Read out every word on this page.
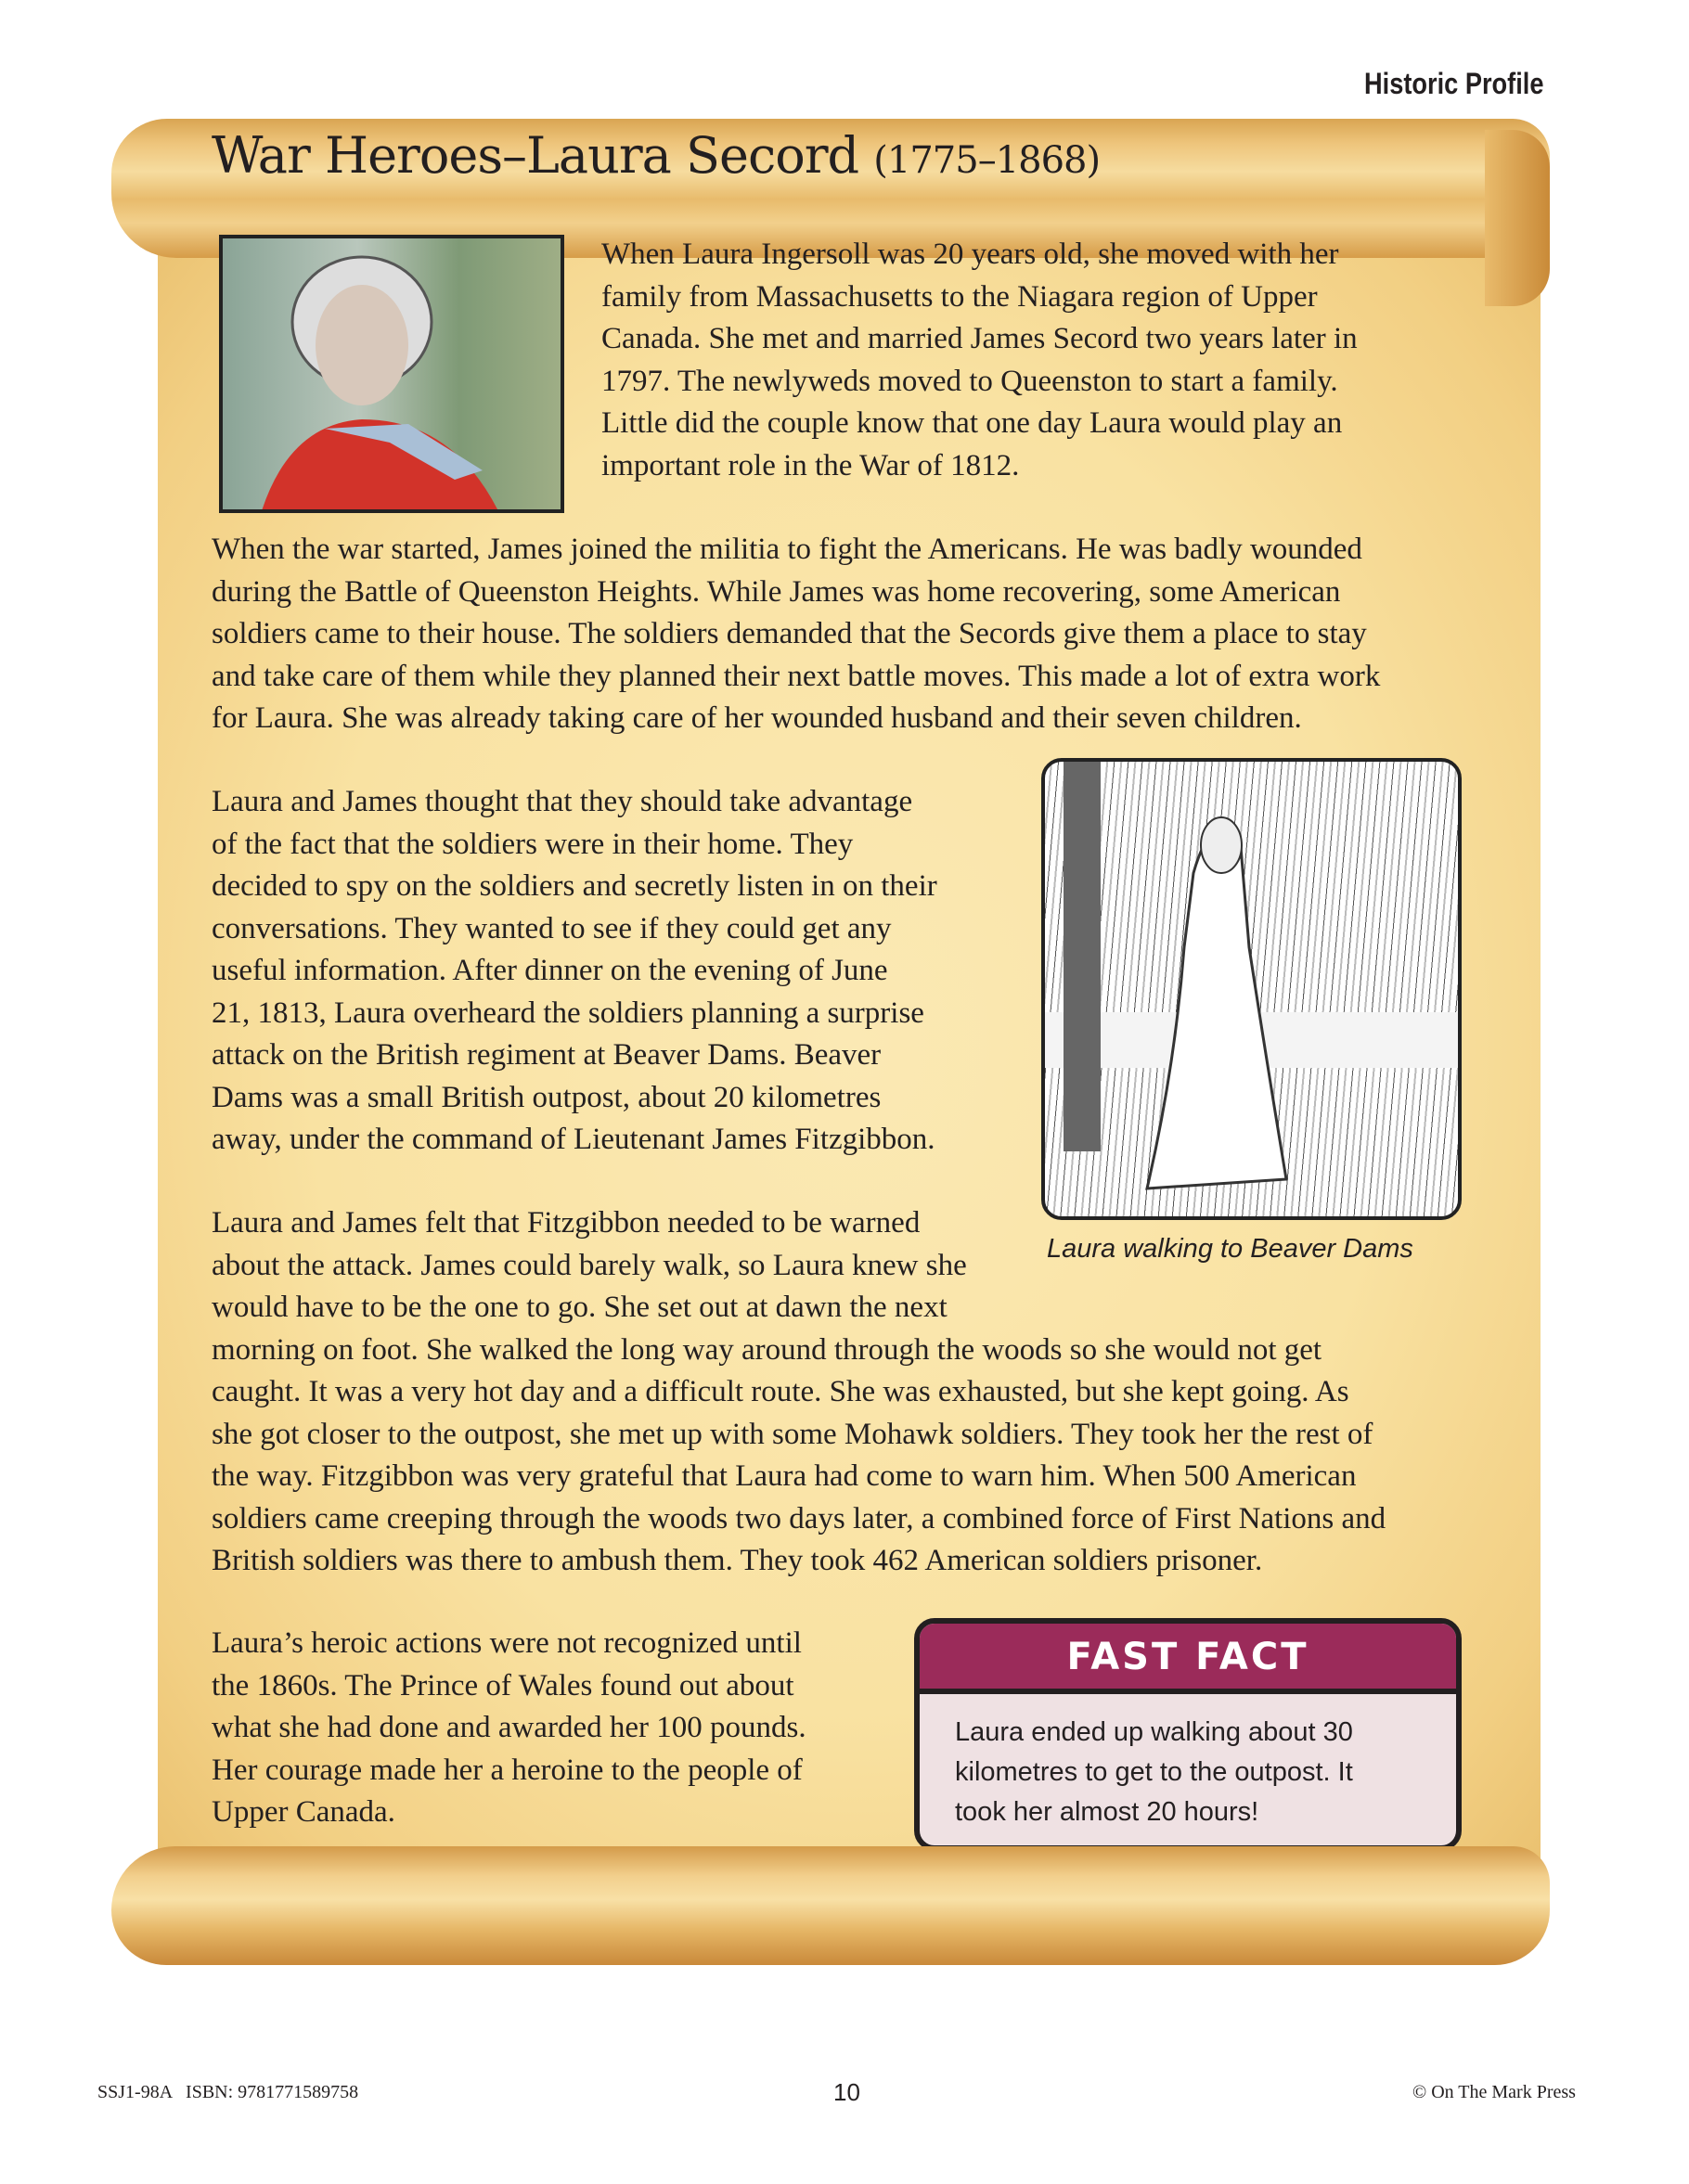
Historic Profile
War Heroes–Laura Secord (1775–1868)
When Laura Ingersoll was 20 years old, she moved with her
family from Massachusetts to the Niagara region of Upper
Canada. She met and married James Secord two years later in
1797. The newlyweds moved to Queenston to start a family.
Little did the couple know that one day Laura would play an
important role in the War of 1812.
When the war started, James joined the militia to fight the Americans. He was badly wounded
during the Battle of Queenston Heights. While James was home recovering, some American
soldiers came to their house. The soldiers demanded that the Secords give them a place to stay
and take care of them while they planned their next battle moves. This made a lot of extra work
for Laura. She was already taking care of her wounded husband and their seven children.
Laura and James thought that they should take advantage
of the fact that the soldiers were in their home. They
decided to spy on the soldiers and secretly listen in on their
conversations. They wanted to see if they could get any
useful information. After dinner on the evening of June
21, 1813, Laura overheard the soldiers planning a surprise
attack on the British regiment at Beaver Dams. Beaver
Dams was a small British outpost, about 20 kilometres
away, under the command of Lieutenant James Fitzgibbon.
Laura walking to Beaver Dams
Laura and James felt that Fitzgibbon needed to be warned
about the attack. James could barely walk, so Laura knew she
would have to be the one to go. She set out at dawn the next
morning on foot. She walked the long way around through the woods so she would not get
caught. It was a very hot day and a difficult route. She was exhausted, but she kept going. As
she got closer to the outpost, she met up with some Mohawk soldiers. They took her the rest of
the way. Fitzgibbon was very grateful that Laura had come to warn him. When 500 American
soldiers came creeping through the woods two days later, a combined force of First Nations and
British soldiers was there to ambush them. They took 462 American soldiers prisoner.
Laura’s heroic actions were not recognized until
the 1860s. The Prince of Wales found out about
what she had done and awarded her 100 pounds.
Her courage made her a heroine to the people of
Upper Canada.
FAST FACT
Laura ended up walking about 30
kilometres to get to the outpost. It
took her almost 20 hours!
SSJ1-98A   ISBN: 9781771589758	10	© On The Mark Press
